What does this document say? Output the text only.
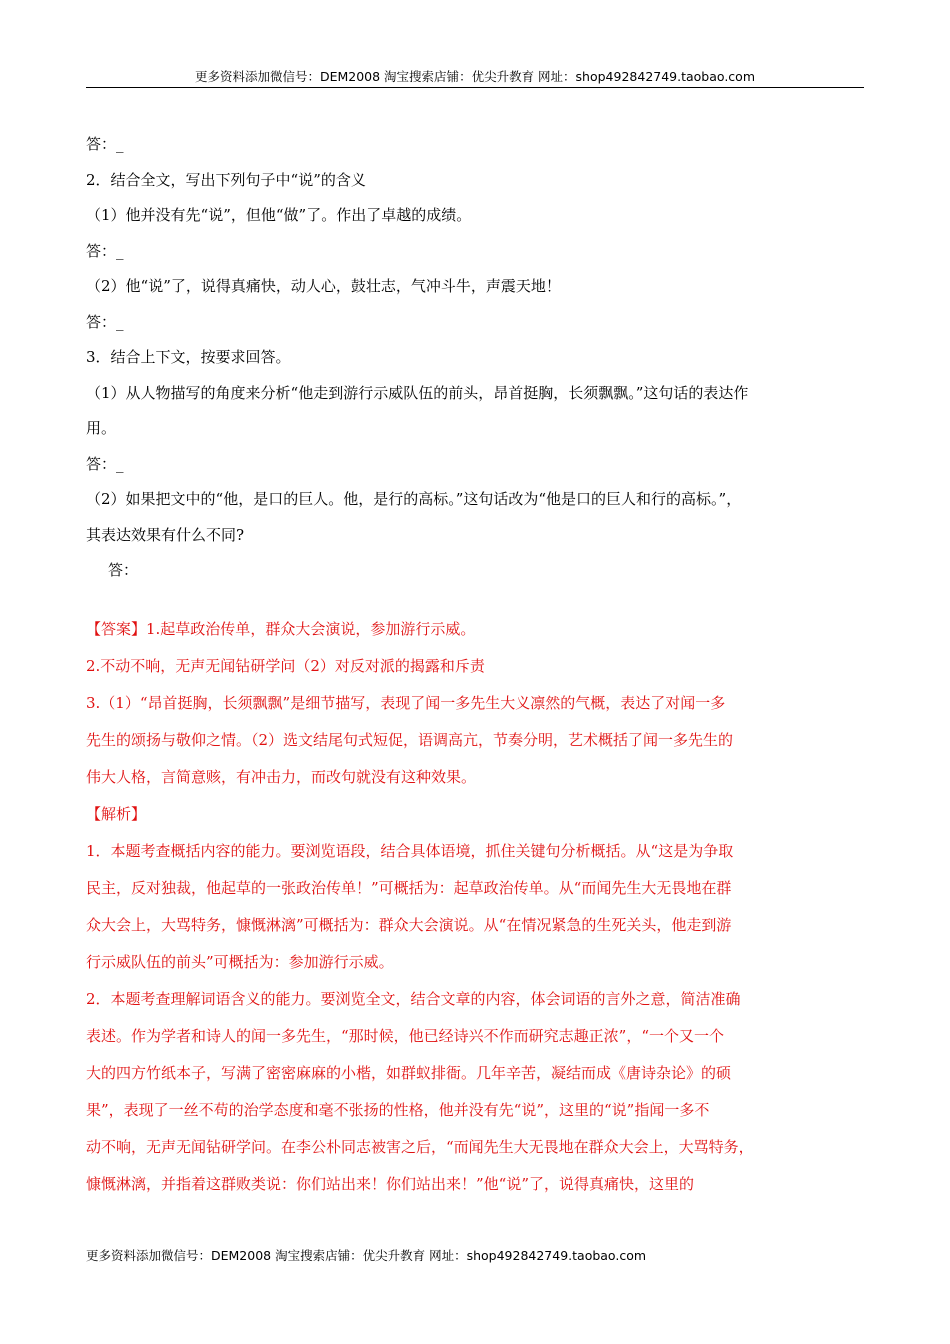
更多资料添加微信号：DEM2008 淘宝搜索店铺：优尖升教育 网址：shop492842749.taobao.com
答：_
2．结合全文，写出下列句子中“说”的含义
（1）他并没有先“说”，但他“做”了。作出了卓越的成绩。
答：_
（2）他“说”了，说得真痛快，动人心，鼓壮志，气冲斗牛，声震天地！
答：_
3．结合上下文，按要求回答。
（1）从人物描写的角度来分析“他走到游行示威队伍的前头，昂首挺胸，长须飘飘。”这句话的表达作
用。
答：_
（2）如果把文中的“他，是口的巨人。他，是行的高标。”这句话改为“他是口的巨人和行的高标。”，
其表达效果有什么不同?
答：
【答案】1.起草政治传单，群众大会演说，参加游行示威。
2.不动不响，无声无闻钻研学问（2）对反对派的揭露和斥责
3.（1）“昂首挺胸，长须飘飘”是细节描写，表现了闻一多先生大义凛然的气概，表达了对闻一多
先生的颂扬与敬仰之情。（2）选文结尾句式短促，语调高亢，节奏分明，艺术概括了闻一多先生的
伟大人格，言简意赅，有冲击力，而改句就没有这种效果。
【解析】
1．本题考查概括内容的能力。要浏览语段，结合具体语境，抓住关键句分析概括。从“这是为争取
民主，反对独裁，他起草的一张政治传单！”可概括为：起草政治传单。从“而闻先生大无畏地在群
众大会上，大骂特务，慷慨淋漓”可概括为：群众大会演说。从“在情况紧急的生死关头，他走到游
行示威队伍的前头”可概括为：参加游行示威。
2．本题考查理解词语含义的能力。要浏览全文，结合文章的内容，体会词语的言外之意，简洁准确
表述。作为学者和诗人的闻一多先生，“那时候，他已经诗兴不作而研究志趣正浓”，“一个又一个
大的四方竹纸本子，写满了密密麻麻的小楷，如群蚁排衙。几年辛苦，凝结而成《唐诗杂论》的硕
果”，表现了一丝不苟的治学态度和毫不张扬的性格，他并没有先“说”，这里的“说”指闻一多不
动不响，无声无闻钻研学问。在李公朴同志被害之后，“而闻先生大无畏地在群众大会上，大骂特务，
慷慨淋漓，并指着这群败类说：你们站出来！你们站出来！”他“说”了，说得真痛快，这里的
更多资料添加微信号：DEM2008 淘宝搜索店铺：优尖升教育 网址：shop492842749.taobao.com
